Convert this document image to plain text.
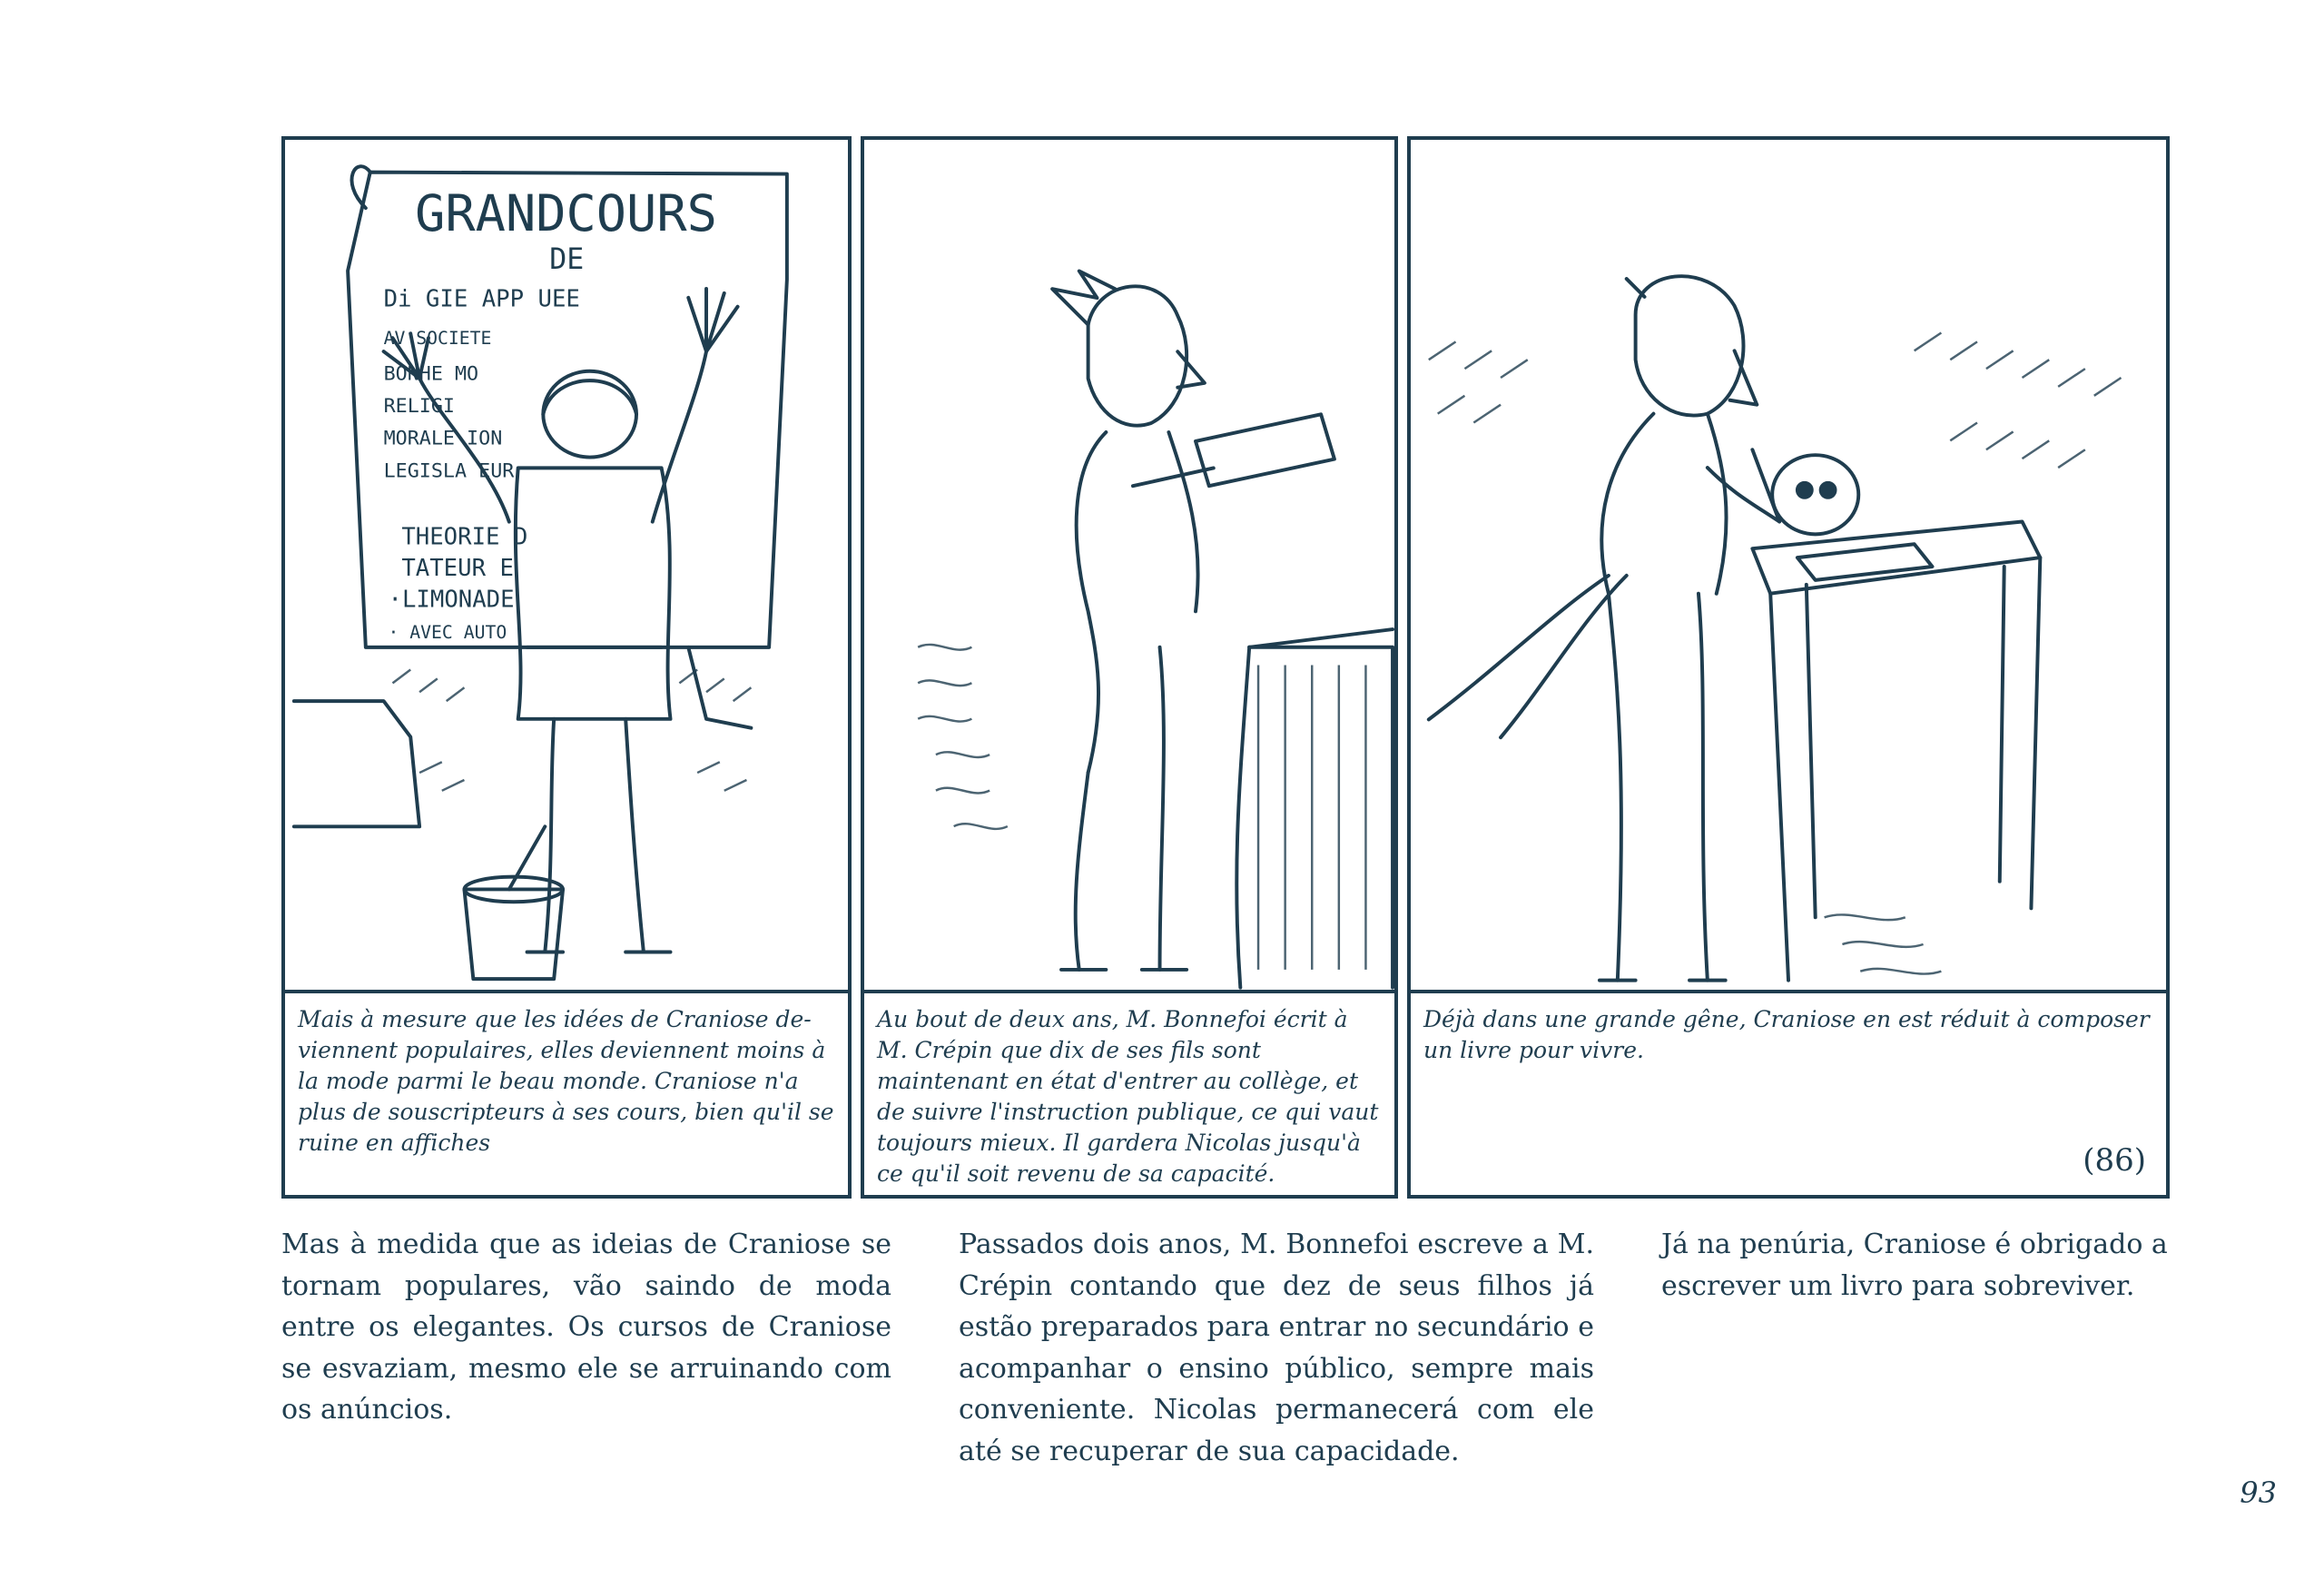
GRANDCOURS
DE
Di GIE APP UEE
AV SOCIETE
BONHE MO
RELIGI
MORALE ION
LEGISLA EUR
THEORIE D
TATEUR E
·LIMONADE
· AVEC AUTO
Mais à mesure que les idées de Craniose de- viennent populaires, elles deviennent moins à la mode parmi le beau monde. Craniose n'a plus de souscripteurs à ses cours, bien qu'il se ruine en affiches
Au bout de deux ans, M. Bonnefoi écrit à M. Crépin que dix de ses fils sont maintenant en état d'entrer au collège, et de suivre l'instruction publique, ce qui vaut toujours mieux. Il gardera Nicolas jusqu'à ce qu'il soit revenu de sa capacité.
Déjà dans une grande gêne, Craniose en est réduit à composer un livre pour vivre.
(86)
Mas à medida que as ideias de Craniose se tornam populares, vão saindo de moda entre os elegantes. Os cursos de Craniose se esvaziam, mesmo ele se arruinando com os anúncios.
Passados dois anos, M. Bonnefoi escreve a M. Crépin contando que dez de seus filhos já estão preparados para entrar no secundário e acompanhar o ensino público, sempre mais conveniente. Nicolas permanecerá com ele até se recuperar de sua capacidade.
Já na penúria, Craniose é obrigado a escrever um livro para sobreviver.
93
